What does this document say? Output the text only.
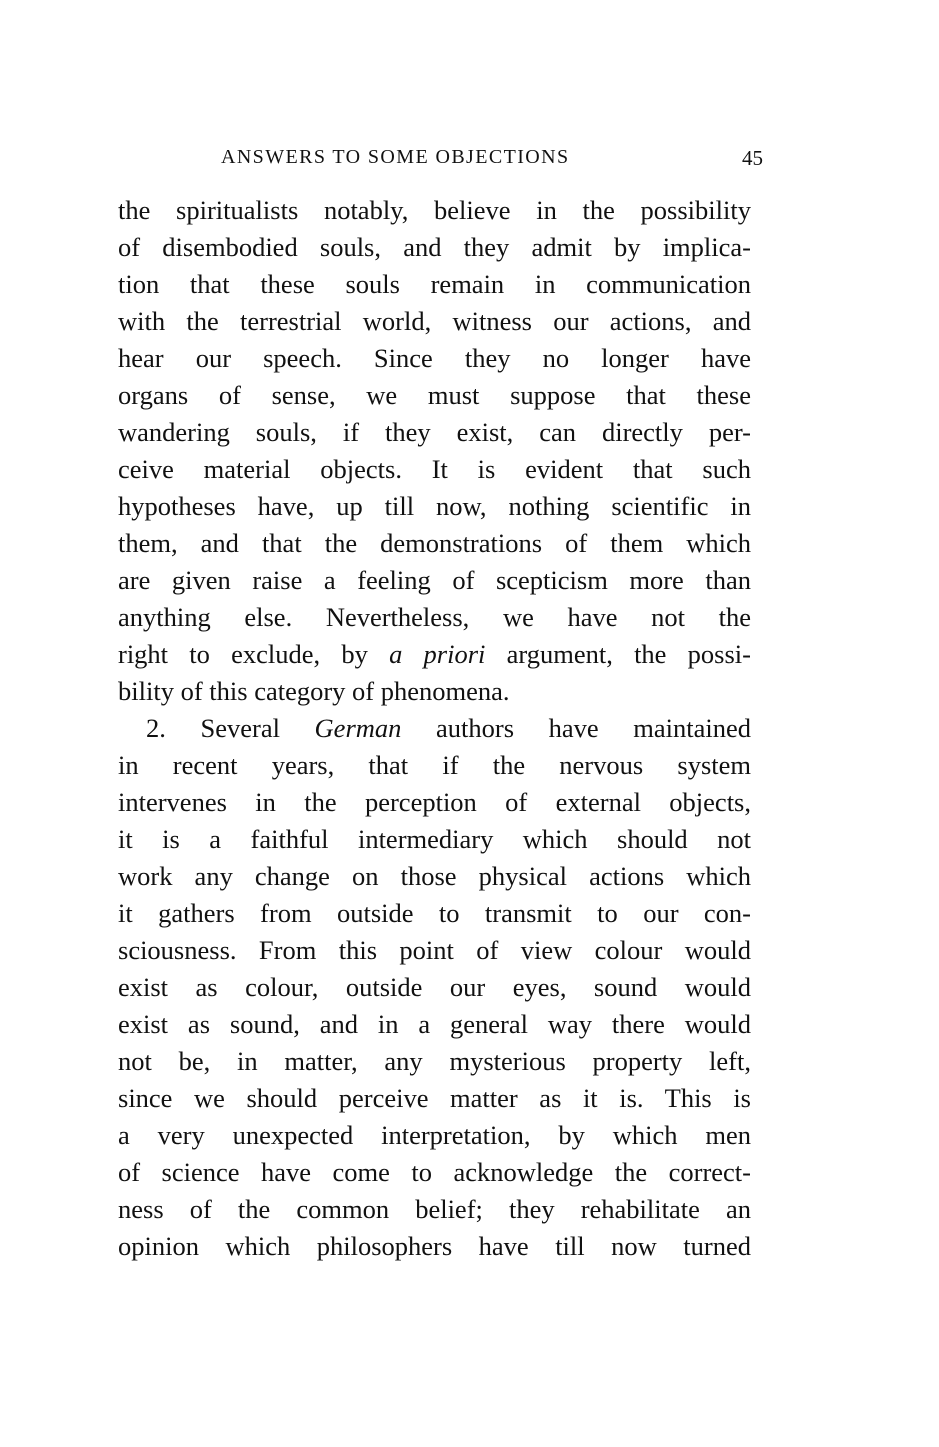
ANSWERS TO SOME OBJECTIONS	45
the spiritualists notably, believe in the possibility
of disembodied souls, and they admit by implica-
tion that these souls remain in communication
with the terrestrial world, witness our actions, and
hear our speech. Since they no longer have
organs of sense, we must suppose that these
wandering souls, if they exist, can directly per-
ceive material objects. It is evident that such
hypotheses have, up till now, nothing scientific in
them, and that the demonstrations of them which
are given raise a feeling of scepticism more than
anything else. Nevertheless, we have not the
right to exclude, by a priori argument, the possi-
bility of this category of phenomena.
2. Several German authors have maintained
in recent years, that if the nervous system
intervenes in the perception of external objects,
it is a faithful intermediary which should not
work any change on those physical actions which
it gathers from outside to transmit to our con-
sciousness. From this point of view colour would
exist as colour, outside our eyes, sound would
exist as sound, and in a general way there would
not be, in matter, any mysterious property left,
since we should perceive matter as it is. This is
a very unexpected interpretation, by which men
of science have come to acknowledge the correct-
ness of the common belief; they rehabilitate an
opinion which philosophers have till now turned
